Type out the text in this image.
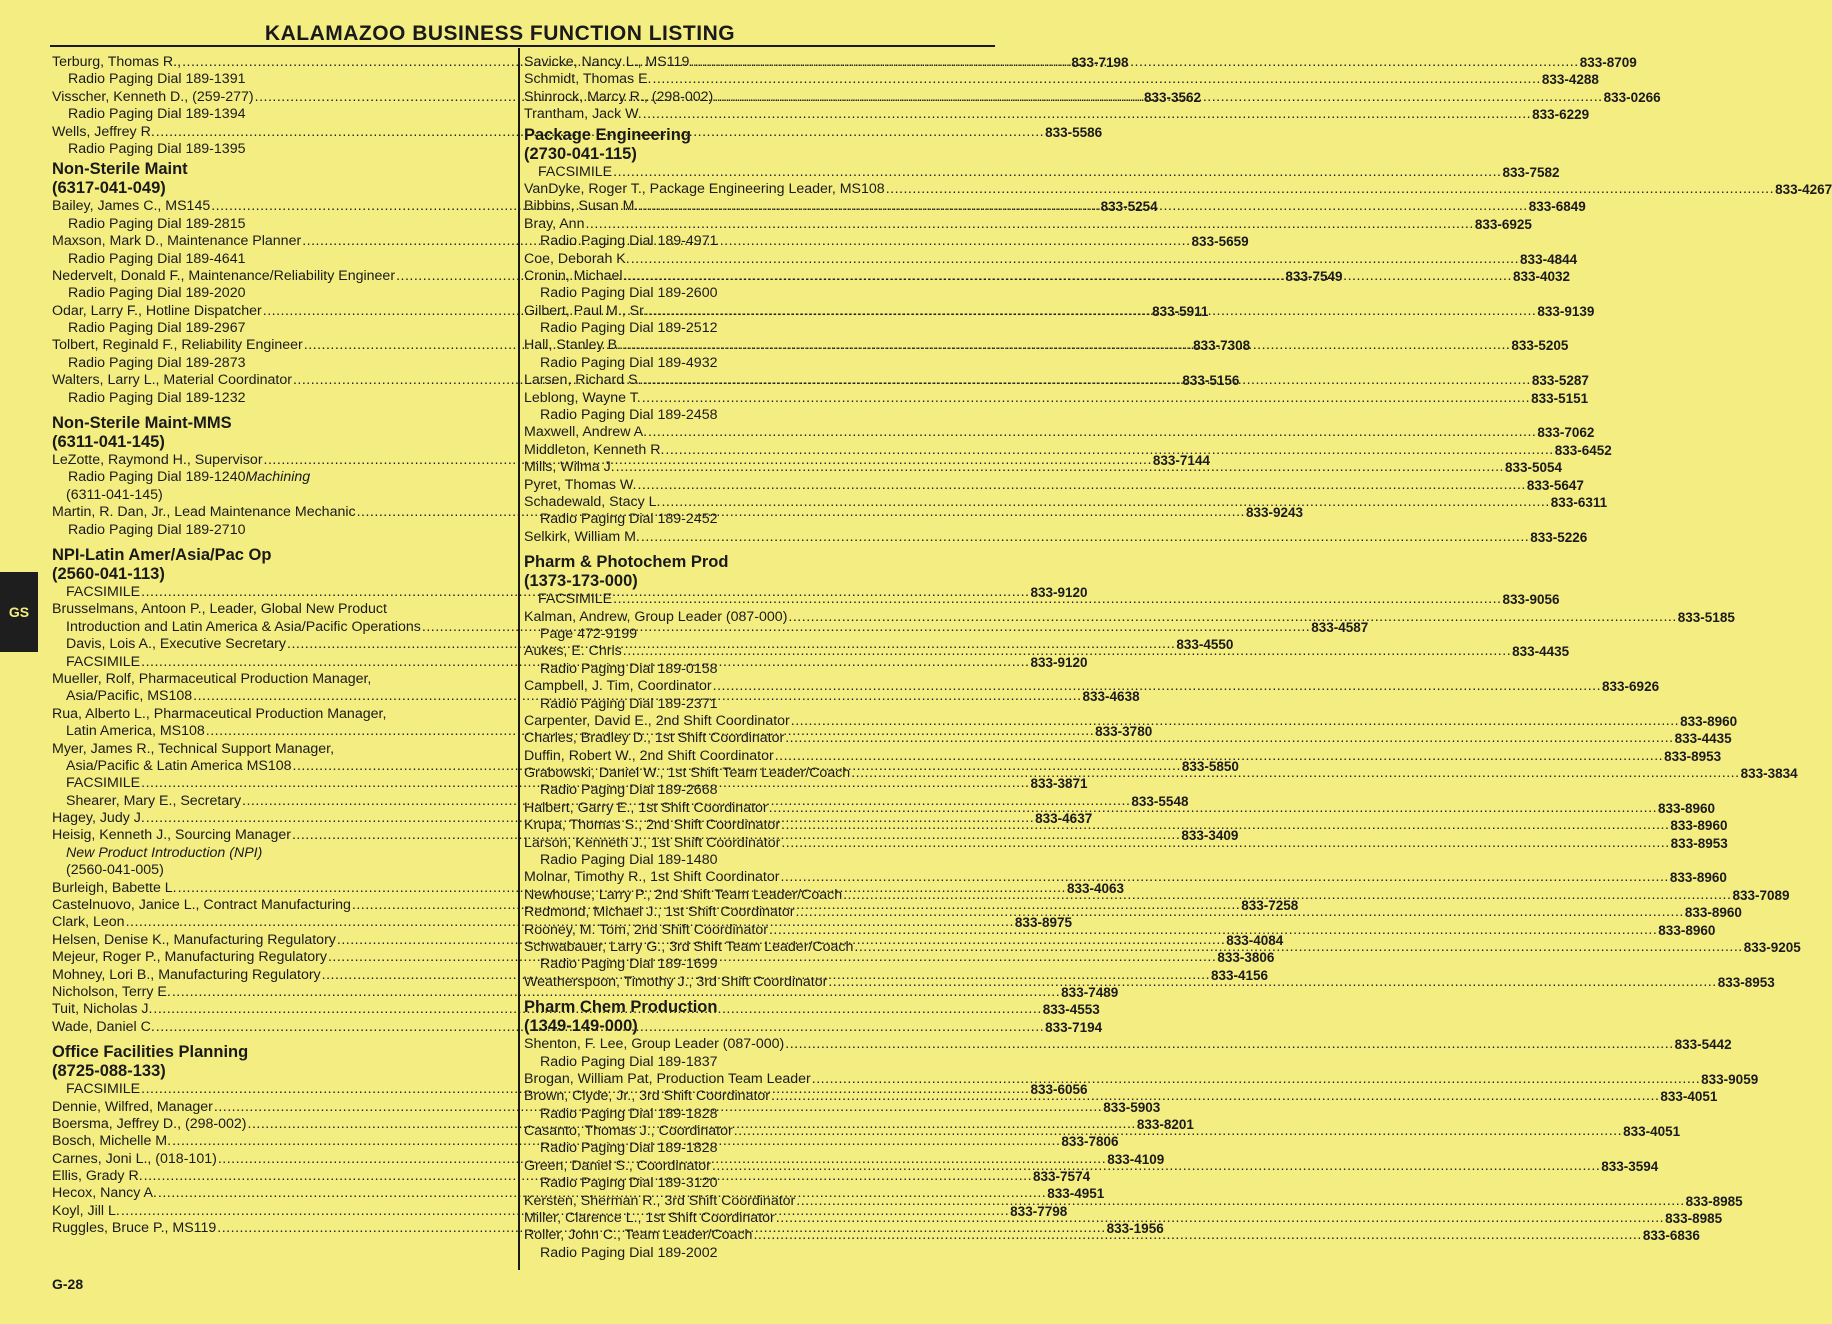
KALAMAZOO BUSINESS FUNCTION LISTING
Terburg, Thomas R., .....	833-7198
Radio Paging Dial 189-1391
Visscher, Kenneth D., (259-277) .....	833-3562
Radio Paging Dial 189-1394
Wells, Jeffrey R. .....	833-5586
Radio Paging Dial 189-1395
Non-Sterile Maint
(6317-041-049)
Bailey, James C., MS145 .....	833-5254
Radio Paging Dial 189-2815
Maxson, Mark D., Maintenance Planner .....	833-5659
Radio Paging Dial 189-4641
Nedervelt, Donald F., Maintenance/Reliability Engineer .....	833-7549
Radio Paging Dial 189-2020
Odar, Larry F., Hotline Dispatcher .....	833-5911
Radio Paging Dial 189-2967
Tolbert, Reginald F., Reliability Engineer .....	833-7308
Radio Paging Dial 189-2873
Walters, Larry L., Material Coordinator .....	833-5156
Radio Paging Dial 189-1232
Non-Sterile Maint-MMS
(6311-041-145)
LeZotte, Raymond H., Supervisor .....	833-7144
Radio Paging Dial 189-1240Machining
(6311-041-145)
Martin, R. Dan, Jr., Lead Maintenance Mechanic .....	833-9243
Radio Paging Dial 189-2710
NPI-Latin Amer/Asia/Pac Op
(2560-041-113)
FACSIMILE .....	833-9120
Brusselmans, Antoon P., Leader, Global New Product
Introduction and Latin America & Asia/Pacific Operations .....	833-4587
Davis, Lois A., Executive Secretary .....	833-4550
FACSIMILE .....	833-9120
Mueller, Rolf, Pharmaceutical Production Manager,
Asia/Pacific, MS108 .....	833-4638
Rua, Alberto L., Pharmaceutical Production Manager,
Latin America, MS108 .....	833-3780
Myer, James R., Technical Support Manager,
Asia/Pacific & Latin America MS108 .....	833-5850
FACSIMILE .....	833-3871
Shearer, Mary E., Secretary .....	833-5548
Hagey, Judy J. .....	833-4637
Heisig, Kenneth J., Sourcing Manager .....	833-3409
New Product Introduction (NPI)
(2560-041-005)
Burleigh, Babette L. .....	833-4063
Castelnuovo, Janice L., Contract Manufacturing .....	833-7258
Clark, Leon .....	833-8975
Helsen, Denise K., Manufacturing Regulatory .....	833-4084
Mejeur, Roger P., Manufacturing Regulatory .....	833-3806
Mohney, Lori B., Manufacturing Regulatory .....	833-4156
Nicholson, Terry E. .....	833-7489
Tuit, Nicholas J. .....	833-4553
Wade, Daniel C. .....	833-7194
Office Facilities Planning
(8725-088-133)
FACSIMILE .....	833-6056
Dennie, Wilfred, Manager .....	833-5903
Boersma, Jeffrey D., (298-002) .....	833-8201
Bosch, Michelle M. .....	833-7806
Carnes, Joni L., (018-101) .....	833-4109
Ellis, Grady R. .....	833-7574
Hecox, Nancy A. .....	833-4951
Koyl, Jill L. .....	833-7798
Ruggles, Bruce P., MS119 .....	833-1956
Savicke, Nancy L., MS119 .....	833-8709
Schmidt, Thomas E. .....	833-4288
Shinrock, Marcy R., (298-002) .....	833-0266
Trantham, Jack W. .....	833-6229
Package Engineering
(2730-041-115)
FACSIMILE .....	833-7582
VanDyke, Roger T., Package Engineering Leader, MS108 .....	833-4267
Bibbins, Susan M. .....	833-6849
Bray, Ann .....	833-6925
Radio Paging Dial 189-4971
Coe, Deborah K. .....	833-4844
Cronin, Michael .....	833-4032
Radio Paging Dial 189-2600
Gilbert, Paul M., Sr. .....	833-9139
Radio Paging Dial 189-2512
Hall, Stanley B. .....	833-5205
Radio Paging Dial 189-4932
Larsen, Richard S. .....	833-5287
Leblong, Wayne T. .....	833-5151
Radio Paging Dial 189-2458
Maxwell, Andrew A. .....	833-7062
Middleton, Kenneth R. .....	833-6452
Mills, Wilma J. .....	833-5054
Pyret, Thomas W. .....	833-5647
Schadewald, Stacy L. .....	833-6311
Radio Paging Dial 189-2452
Selkirk, William M. .....	833-5226
Pharm & Photochem Prod
(1373-173-000)
FACSIMILE .....	833-9056
Kalman, Andrew, Group Leader (087-000) .....	833-5185
Page 472-9199
Aukes, E. Chris .....	833-4435
Radio Paging Dial 189-0158
Campbell, J. Tim, Coordinator .....	833-6926
Radio Paging Dial 189-2371
Carpenter, David E., 2nd Shift Coordinator .....	833-8960
Charles, Bradley D., 1st Shift Coordinator .....	833-4435
Duffin, Robert W., 2nd Shift Coordinator .....	833-8953
Grabowski, Daniel W., 1st Shift Team Leader/Coach .....	833-3834
Radio Paging Dial 189-2668
Halbert, Garry E., 1st Shift Coordinator .....	833-8960
Krupa, Thomas S., 2nd Shift Coordinator .....	833-8960
Larson, Kenneth J., 1st Shift Coordinator .....	833-8953
Radio Paging Dial 189-1480
Molnar, Timothy R., 1st Shift Coordinator .....	833-8960
Newhouse, Larry P., 2nd Shift Team Leader/Coach .....	833-7089
Redmond, Michael J., 1st Shift Coordinator .....	833-8960
Rooney, M. Tom, 2nd Shift Coordinator .....	833-8960
Schwabauer, Larry G., 3rd Shift Team Leader/Coach .....	833-9205
Radio Paging Dial 189-1699
Weatherspoon, Timothy J., 3rd Shift Coordinator .....	833-8953
Pharm Chem Production
(1349-149-000)
Shenton, F. Lee, Group Leader (087-000) .....	833-5442
Radio Paging Dial 189-1837
Brogan, William Pat, Production Team Leader .....	833-9059
Brown, Clyde, Jr., 3rd Shift Coordinator .....	833-4051
Radio Paging Dial 189-1828
Casanto, Thomas J., Coordinator .....	833-4051
Radio Paging Dial 189-1828
Green, Daniel S., Coordinator .....	833-3594
Radio Paging Dial 189-3120
Kersten, Sherman R., 3rd Shift Coordinator .....	833-8985
Miller, Clarence L., 1st Shift Coordinator .....	833-8985
Roller, John C., Team Leader/Coach .....	833-6836
Radio Paging Dial 189-2002
GS
G-28
